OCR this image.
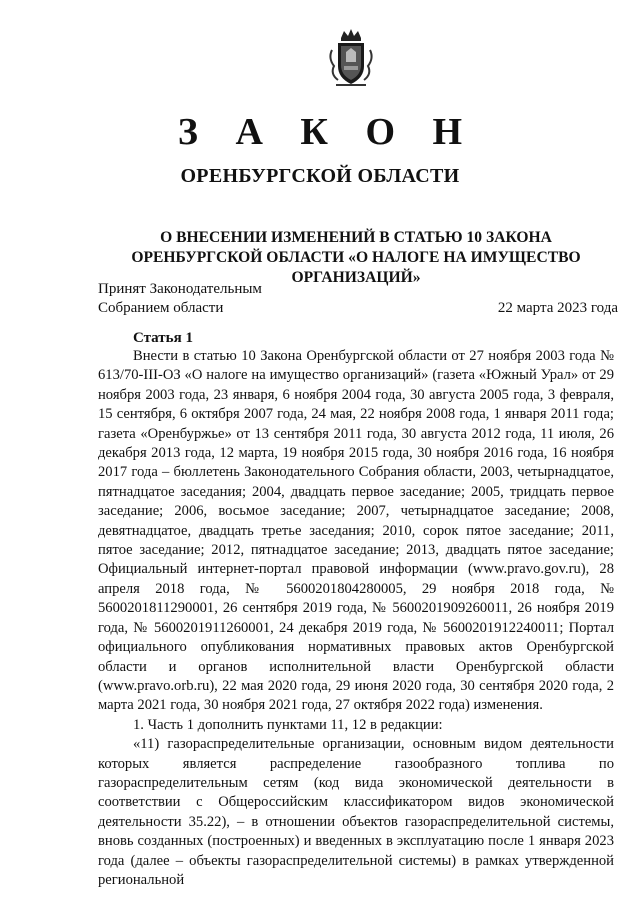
З А К О Н
ОРЕНБУРГСКОЙ ОБЛАСТИ
О ВНЕСЕНИИ ИЗМЕНЕНИЙ В СТАТЬЮ 10 ЗАКОНА ОРЕНБУРГСКОЙ ОБЛАСТИ «О НАЛОГЕ НА ИМУЩЕСТВО ОРГАНИЗАЦИЙ»
Принят Законодательным
Собранием области	22 марта 2023 года
Статья 1

Внести в статью 10 Закона Оренбургской области от 27 ноября 2003 года № 613/70-III-ОЗ «О налоге на имущество организаций» (газета «Южный Урал» от 29 ноября 2003 года, 23 января, 6 ноября 2004 года, 30 августа 2005 года, 3 февраля, 15 сентября, 6 октября 2007 года, 24 мая, 22 ноября 2008 года, 1 января 2011 года; газета «Оренбуржье» от 13 сентября 2011 года, 30 августа 2012 года, 11 июля, 26 декабря 2013 года, 12 марта, 19 ноября 2015 года, 30 ноября 2016 года, 16 ноября 2017 года – бюллетень Законодательного Собрания области, 2003, четырнадцатое, пятнадцатое заседания; 2004, двадцать первое заседание; 2005, тридцать первое заседание; 2006, восьмое заседание; 2007, четырнадцатое заседание; 2008, девятнадцатое, двадцать третье заседания; 2010, сорок пятое заседание; 2011, пятое заседание; 2012, пятнадцатое заседание; 2013, двадцать пятое заседание; Официальный интернет-портал правовой информации (www.pravo.gov.ru), 28 апреля 2018 года, № 5600201804280005, 29 ноября 2018 года, № 5600201811290001, 26 сентября 2019 года, № 5600201909260011, 26 ноября 2019 года, № 5600201911260001, 24 декабря 2019 года, № 5600201912240011; Портал официального опубликования нормативных правовых актов Оренбургской области и органов исполнительной власти Оренбургской области (www.pravo.orb.ru), 22 мая 2020 года, 29 июня 2020 года, 30 сентября 2020 года, 2 марта 2021 года, 30 ноября 2021 года, 27 октября 2022 года) изменения.

1. Часть 1 дополнить пунктами 11, 12 в редакции:

«11) газораспределительные организации, основным видом деятельности которых является распределение газообразного топлива по газораспределительным сетям (код вида экономической деятельности в соответствии с Общероссийским классификатором видов экономической деятельности 35.22), – в отношении объектов газораспределительной системы, вновь созданных (построенных) и введенных в эксплуатацию после 1 января 2023 года (далее – объекты газораспределительной системы) в рамках утвержденной региональной
